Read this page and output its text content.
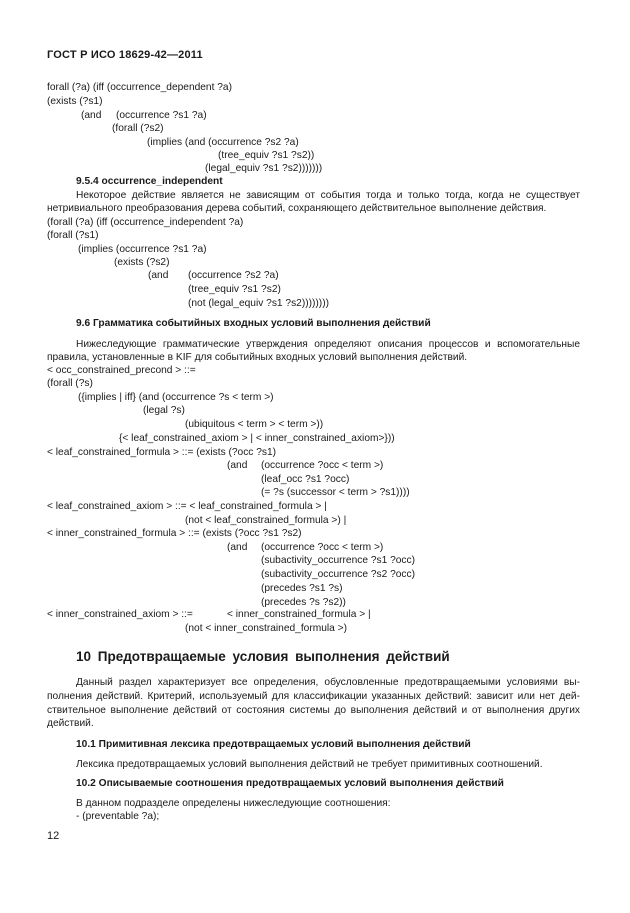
ГОСТ Р ИСО 18629-42—2011
forall (?a) (iff (occurrence_dependent ?a)
(exists (?s1)
(and (occurrence ?s1 ?a)
(forall (?s2)
(implies (and (occurrence ?s2 ?a)
(tree_equiv ?s1 ?s2))
(legal_equiv ?s1 ?s2)))))))
9.5.4 occurrence_independent
Некоторое действие является не зависящим от события тогда и только тогда, когда не существует
нетривиального преобразования дерева событий, сохраняющего действительное выполнение действия.
(forall (?a) (iff (occurrence_independent ?a)
(forall (?s1)
(implies (occurrence ?s1 ?a)
(exists (?s2)
(and (occurrence ?s2 ?a)
(tree_equiv ?s1 ?s2)
(not (legal_equiv ?s1 ?s2))))))))
9.6 Грамматика событийных входных условий выполнения действий
Нижеследующие грамматические утверждения определяют описания процессов и вспомогательные
правила, установленные в KIF для событийных входных условий выполнения действий.
< occ_constrained_precond > ::=
(forall (?s)
({implies | iff} (and (occurrence ?s < term >)
(legal ?s)
(ubiquitous < term > < term >))
{< leaf_constrained_axiom > | < inner_constrained_axiom>}))
< leaf_constrained_formula > ::= (exists (?occ ?s1)
(and (occurrence ?occ < term >)
(leaf_occ ?s1 ?occ)
(= ?s (successor < term > ?s1))))
< leaf_constrained_axiom > ::= < leaf_constrained_formula > |
(not < leaf_constrained_formula >) |
< inner_constrained_formula > ::= (exists (?occ ?s1 ?s2)
(and (occurrence ?occ < term >)
(subactivity_occurrence ?s1 ?occ)
(subactivity_occurrence ?s2 ?occ)
(precedes ?s1 ?s)
(precedes ?s ?s2))
< inner_constrained_axiom > ::=	< inner_constrained_formula > |
(not < inner_constrained_formula >)
10 Предотвращаемые условия выполнения действий
Данный раздел характеризует все определения, обусловленные предотвращаемыми условиями вы-
полнения действий. Критерий, используемый для классификации указанных действий: зависит или нет дей-
ствительное выполнение действий от состояния системы до выполнения действий и от выполнения других
действий.
10.1 Примитивная лексика предотвращаемых условий выполнения действий
Лексика предотвращаемых условий выполнения действий не требует примитивных соотношений.
10.2 Описываемые соотношения предотвращаемых условий выполнения действий
В данном подразделе определены нижеследующие соотношения:
- (preventable ?a);
12
